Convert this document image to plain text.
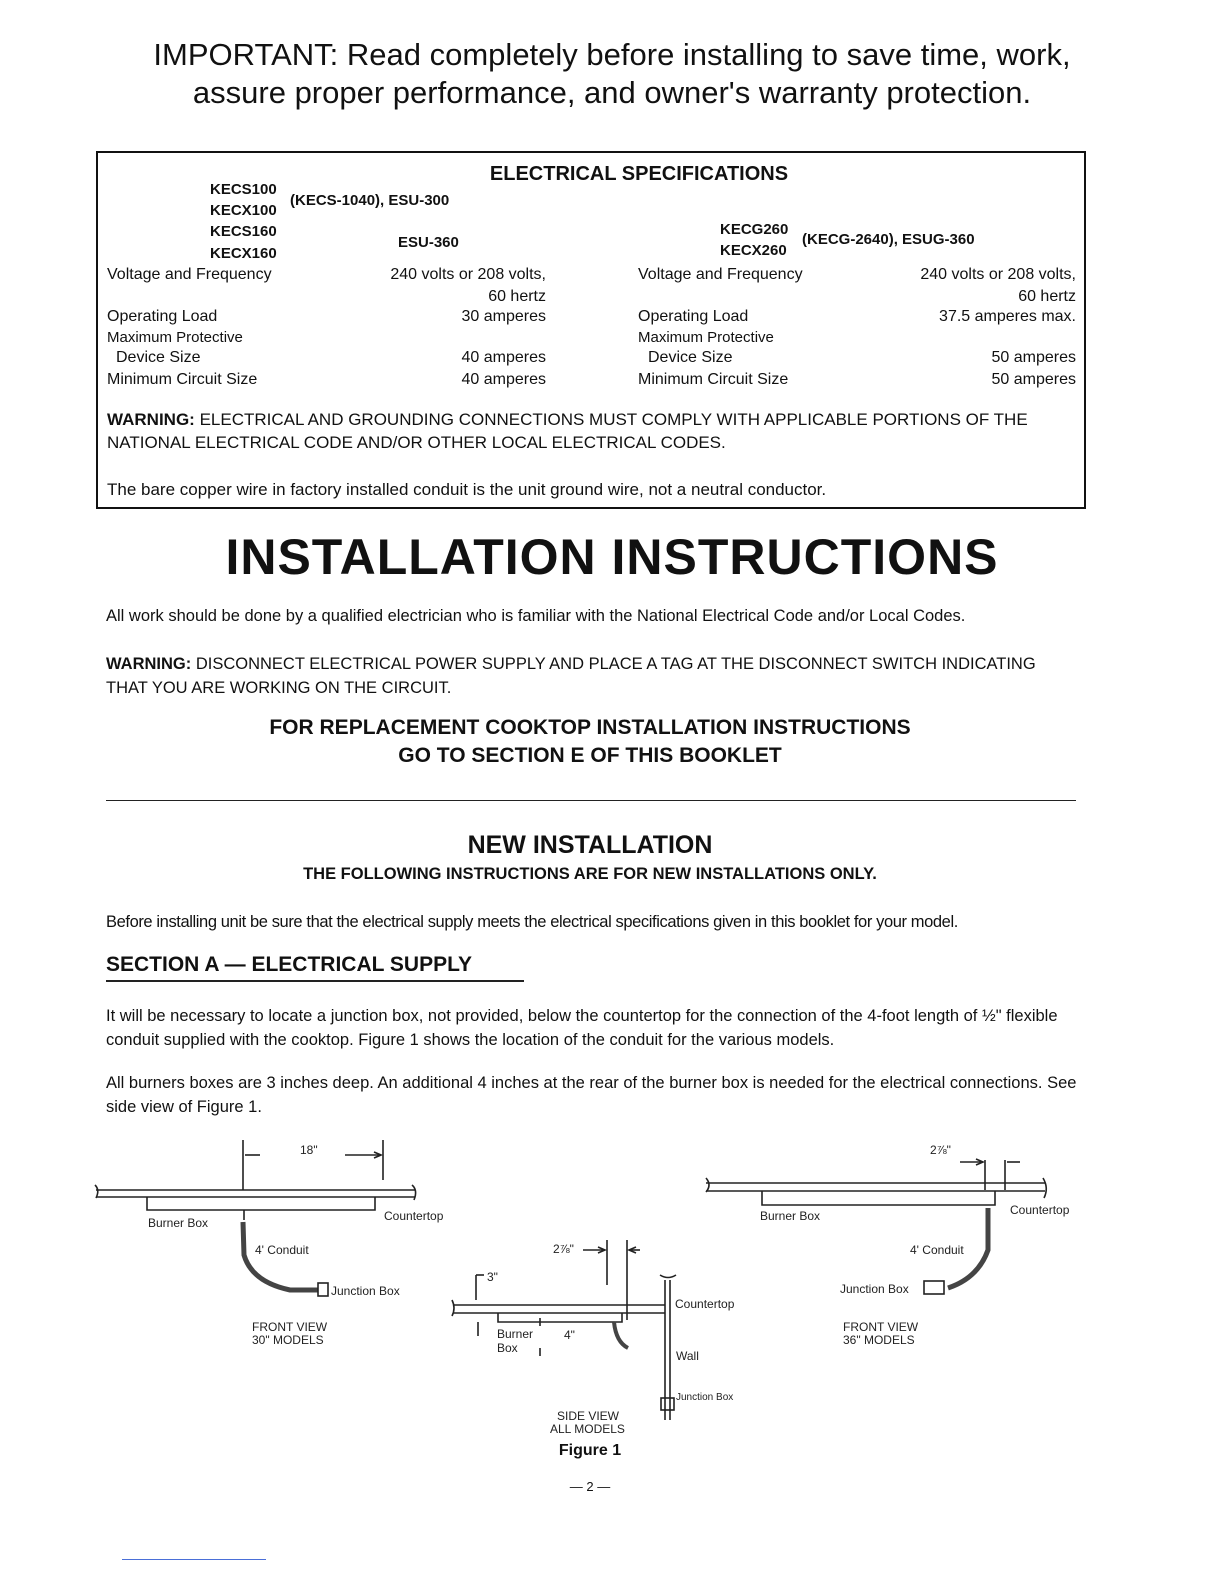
IMPORTANT: Read completely before installing to save time, work,
assure proper performance, and owner's warranty protection.
ELECTRICAL SPECIFICATIONS
KECS100
KECX100
(KECS-1040), ESU-300
KECS160
KECX160
ESU-360
KECG260
KECX260
(KECG-2640), ESUG-360
Voltage and Frequency	240 volts or 208 volts,
60 hertz
Operating Load	30 amperes
Maximum Protective
Device Size	40 amperes
Minimum Circuit Size	40 amperes
Voltage and Frequency	240 volts or 208 volts,
60 hertz
Operating Load	37.5 amperes max.
Maximum Protective
Device Size	50 amperes
Minimum Circuit Size	50 amperes
WARNING: ELECTRICAL AND GROUNDING CONNECTIONS MUST COMPLY WITH APPLICABLE PORTIONS OF THE NATIONAL ELECTRICAL CODE AND/OR OTHER LOCAL ELECTRICAL CODES.
The bare copper wire in factory installed conduit is the unit ground wire, not a neutral conductor.
INSTALLATION INSTRUCTIONS
All work should be done by a qualified electrician who is familiar with the National Electrical Code and/or Local Codes.
WARNING: DISCONNECT ELECTRICAL POWER SUPPLY AND PLACE A TAG AT THE DISCONNECT SWITCH INDICATING THAT YOU ARE WORKING ON THE CIRCUIT.
FOR REPLACEMENT COOKTOP INSTALLATION INSTRUCTIONS
GO TO SECTION E OF THIS BOOKLET
NEW INSTALLATION
THE FOLLOWING INSTRUCTIONS ARE FOR NEW INSTALLATIONS ONLY.
Before installing unit be sure that the electrical supply meets the electrical specifications given in this booklet for your model.
SECTION A — ELECTRICAL SUPPLY
It will be necessary to locate a junction box, not provided, below the countertop for the connection of the 4-foot length of ½" flexible conduit supplied with the cooktop. Figure 1 shows the location of the conduit for the various models.
All burners boxes are 3 inches deep. An additional 4 inches at the rear of the burner box is needed for the electrical connections. See side view of Figure 1.
18"
Burner Box	Countertop
4' Conduit
Junction Box
FRONT VIEW
30" MODELS
2⅞"
3"
Countertop
Burner
Box
4"
Wall
Junction Box
SIDE VIEW
ALL MODELS
2⅞"
Burner Box	Countertop
4' Conduit
Junction Box
FRONT VIEW
36" MODELS
Figure 1
— 2 —
